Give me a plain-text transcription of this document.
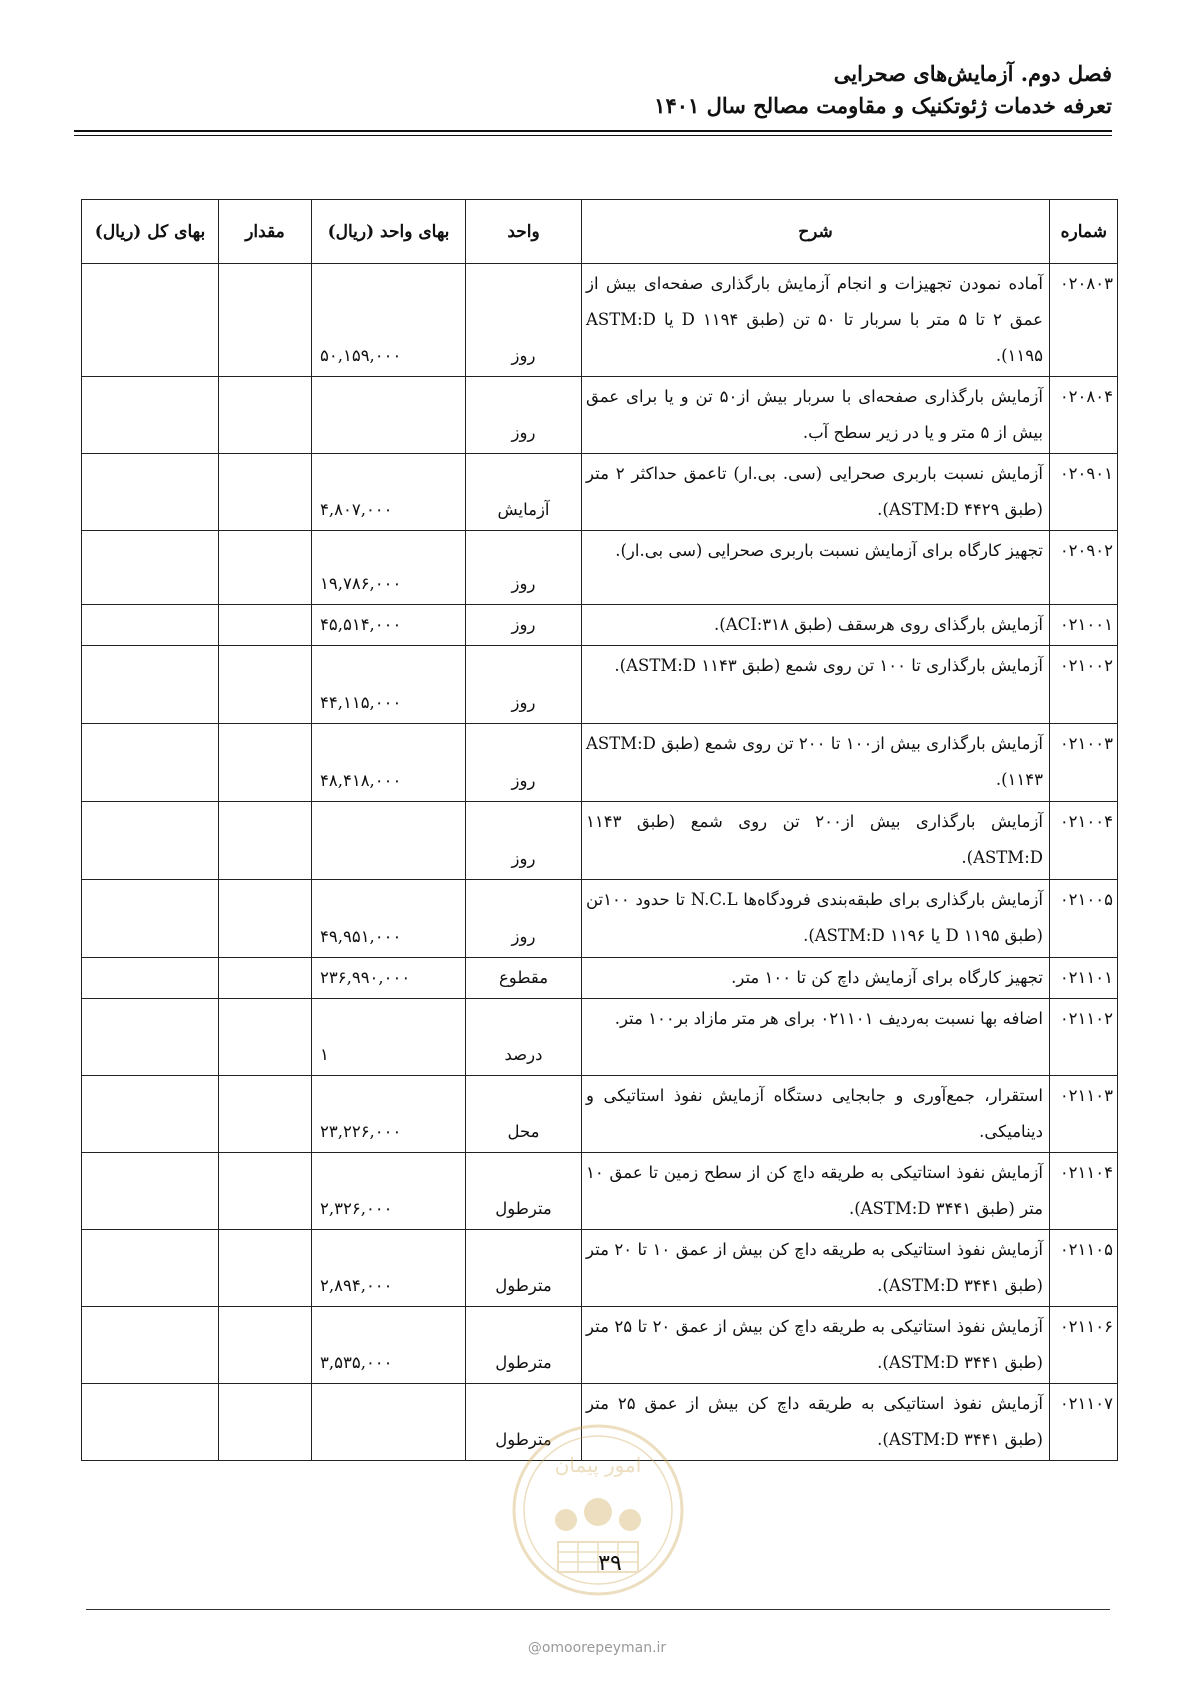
فصل دوم. آزمایش‌های صحرایی
تعرفه خدمات ژئوتکنیک و مقاومت مصالح سال ۱۴۰۱
شماره	شرح	واحد	بهای واحد (ریال)	مقدار	بهای کل (ریال)
۰۲۰۸۰۳	آماده نمودن تجهیزات و انجام آزمایش بارگذاری صفحه‌ای بیش از عمق ۲ تا ۵ متر با سربار تا ۵۰ تن (طبق ۱۱۹۴ D یا ASTM:D ۱۱۹۵).	روز	۵۰,۱۵۹,۰۰۰		
۰۲۰۸۰۴	آزمایش بارگذاری صفحه‌ای با سربار بیش از۵۰ تن و یا برای عمق بیش از ۵ متر و یا در زیر سطح آب.	روز			
۰۲۰۹۰۱	آزمایش نسبت باربری صحرایی (سی. بی.ار) تاعمق حداکثر ۲ متر (طبق ASTM:D ۴۴۲۹).	آزمایش	۴,۸۰۷,۰۰۰		
۰۲۰۹۰۲	تجهیز کارگاه برای آزمایش نسبت باربری صحرایی (سی بی.ار).	روز	۱۹,۷۸۶,۰۰۰		
۰۲۱۰۰۱	آزمایش بارگذای روی هرسقف (طبق ACI:۳۱۸).	روز	۴۵,۵۱۴,۰۰۰		
۰۲۱۰۰۲	آزمایش بارگذاری تا ۱۰۰ تن روی شمع (طبق ۱۱۴۳ ASTM:D).	روز	۴۴,۱۱۵,۰۰۰		
۰۲۱۰۰۳	آزمایش بارگذاری بیش از۱۰۰ تا ۲۰۰ تن روی شمع (طبق ASTM:D ۱۱۴۳).	روز	۴۸,۴۱۸,۰۰۰		
۰۲۱۰۰۴	آزمایش بارگذاری بیش از۲۰۰ تن روی شمع (طبق ۱۱۴۳ ASTM:D).	روز			
۰۲۱۰۰۵	آزمایش بارگذاری برای طبقه‌بندی فرودگاه‌ها N.C.L تا حدود ۱۰۰تن (طبق ۱۱۹۵ D یا ۱۱۹۶ ASTM:D).	روز	۴۹,۹۵۱,۰۰۰		
۰۲۱۱۰۱	تجهیز کارگاه برای آزمایش داچ کن تا ۱۰۰ متر.	مقطوع	۲۳۶,۹۹۰,۰۰۰		
۰۲۱۱۰۲	اضافه بها نسبت به‌ردیف ۰۲۱۱۰۱ برای هر متر مازاد بر۱۰۰ متر.	درصد	۱		
۰۲۱۱۰۳	استقرار، جمع‌آوری و جابجایی دستگاه آزمایش نفوذ استاتیکی و دینامیکی.	محل	۲۳,۲۲۶,۰۰۰		
۰۲۱۱۰۴	آزمایش نفوذ استاتیکی به طریقه داچ کن از سطح زمین تا عمق ۱۰ متر (طبق ASTM:D ۳۴۴۱).	مترطول	۲,۳۲۶,۰۰۰		
۰۲۱۱۰۵	آزمایش نفوذ استاتیکی به طریقه داچ کن بیش از عمق ۱۰ تا ۲۰ متر (طبق ASTM:D ۳۴۴۱).	مترطول	۲,۸۹۴,۰۰۰		
۰۲۱۱۰۶	آزمایش نفوذ استاتیکی به طریقه داچ کن بیش از عمق ۲۰ تا ۲۵ متر (طبق ASTM:D ۳۴۴۱).	مترطول	۳,۵۳۵,۰۰۰		
۰۲۱۱۰۷	آزمایش نفوذ استاتیکی به طریقه داچ کن بیش از عمق ۲۵ متر (طبق ASTM:D ۳۴۴۱).	مترطول			
امور پیمان
۳۹
@omoorepeyman.ir
